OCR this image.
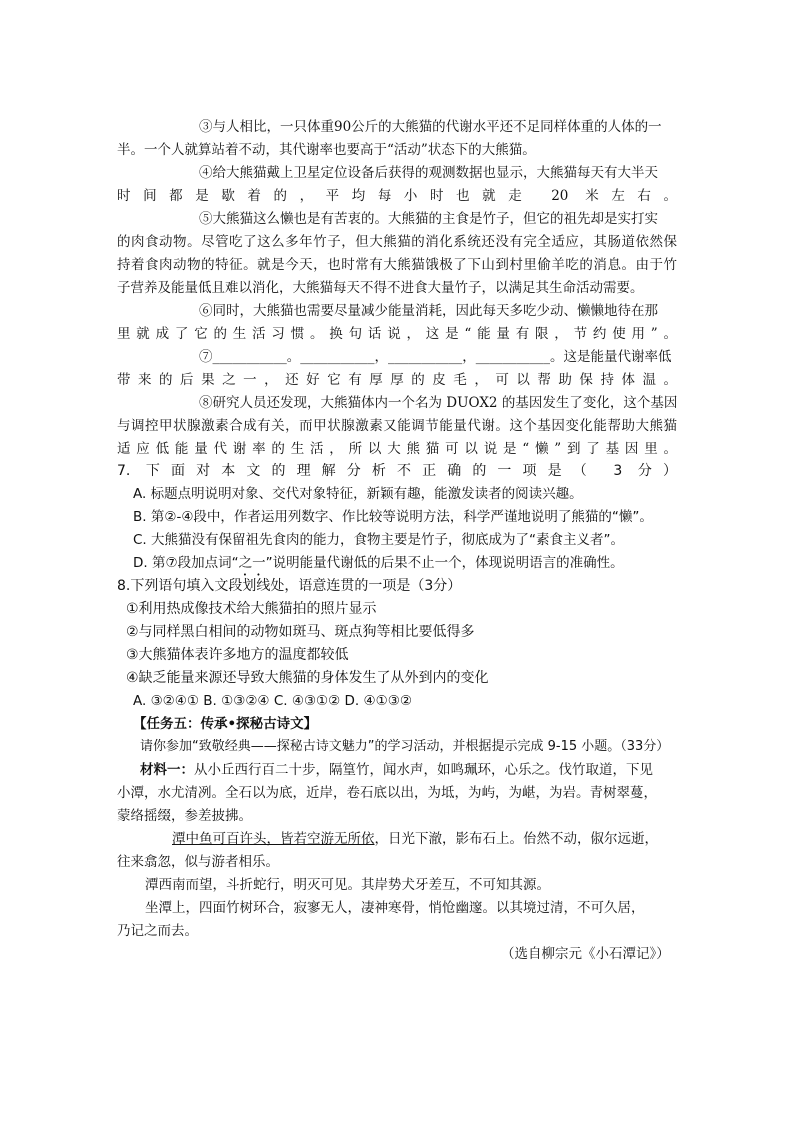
③与人相比，一只体重90公斤的大熊猫的代谢水平还不足同样体重的人体的一
半。一个人就算站着不动，其代谢率也要高于“活动”状态下的大熊猫。
④给大熊猫戴上卫星定位设备后获得的观测数据也显示，大熊猫每天有大半天
时间都是歇着的，平均每小时也就走 20 米左右。
⑤大熊猫这么懒也是有苦衷的。大熊猫的主食是竹子，但它的祖先却是实打实
的肉食动物。尽管吃了这么多年竹子，但大熊猫的消化系统还没有完全适应，其肠道依然保
持着食肉动物的特征。就是今天，也时常有大熊猫饿极了下山到村里偷羊吃的消息。由于竹
子营养及能量低且难以消化，大熊猫每天不得不进食大量竹子，以满足其生命活动需要。
⑥同时，大熊猫也需要尽量减少能量消耗，因此每天多吃少动、懒懒地待在那
里就成了它的生活习惯。换句话说，这是“能量有限，节约使用”。
⑦___________。___________，___________，___________。这是能量代谢率低
带来的后果之一，还好它有厚厚的皮毛，可以帮助保持体温。
⑧研究人员还发现，大熊猫体内一个名为 DUOX2 的基因发生了变化，这个基因
与调控甲状腺激素合成有关，而甲状腺激素又能调节能量代谢。这个基因变化能帮助大熊猫
适应低能量代谢率的生活，所以大熊猫可以说是“懒”到了基因里。
7. 下面对本文的理解分析不正确的一项是（ 3 分）
A. 标题点明说明对象、交代对象特征，新颖有趣，能激发读者的阅读兴趣。
B. 第②-④段中，作者运用列数字、作比较等说明方法，科学严谨地说明了熊猫的“懒”。
C. 大熊猫没有保留祖先食肉的能力，食物主要是竹子，彻底成为了“素食主义者”。
D. 第⑦段加点词“之一”说明能量代谢低的后果不止一个，体现说明语言的准确性。
8.下列语句填入文段划线处，语意连贯的一项是（3分）
①利用热成像技术给大熊猫拍的照片显示
②与同样黑白相间的动物如斑马、斑点狗等相比要低得多
③大熊猫体表许多地方的温度都较低
④缺乏能量来源还导致大熊猫的身体发生了从外到内的变化
A. ③②④① B. ①③②④ C. ④③①② D. ④①③②
【任务五：传承•探秘古诗文】
请你参加“致敬经典——探秘古诗文魅力”的学习活动，并根据提示完成 9-15 小题。（33分）
材料一：从小丘西行百二十步，隔篁竹，闻水声，如鸣珮环，心乐之。伐竹取道，下见
小潭，水尤清冽。全石以为底，近岸，卷石底以出，为坻，为屿，为嵁，为岩。青树翠蔓，
蒙络摇缀，参差披拂。
潭中鱼可百许头，皆若空游无所依，日光下澈，影布石上。佁然不动，俶尔远逝，
往来翕忽，似与游者相乐。
潭西南而望，斗折蛇行，明灭可见。其岸势犬牙差互，不可知其源。
坐潭上，四面竹树环合，寂寥无人，凄神寒骨，悄怆幽邃。以其境过清，不可久居，
乃记之而去。
（选自柳宗元《小石潭记》）
